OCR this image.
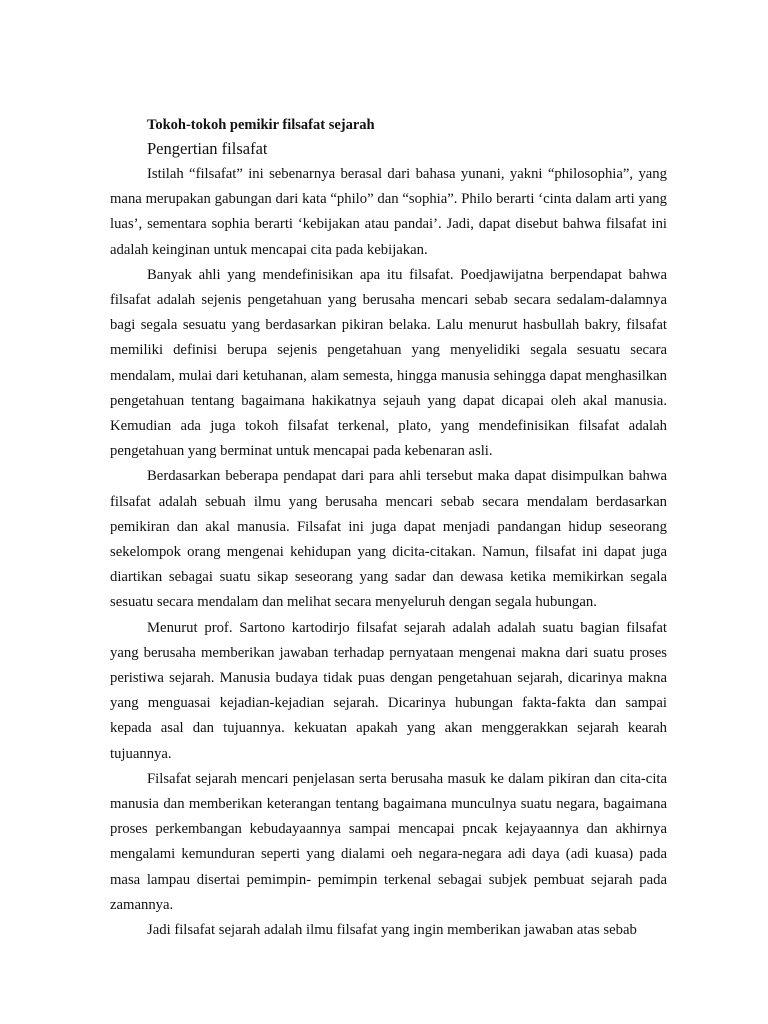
Tokoh-tokoh pemikir filsafat sejarah

Pengertian filsafat

Istilah “filsafat” ini sebenarnya berasal dari bahasa yunani, yakni “philosophia”, yang mana merupakan gabungan dari kata “philo” dan “sophia”. Philo berarti ‘cinta dalam arti yang luas’, sementara sophia berarti ‘kebijakan atau pandai’. Jadi, dapat disebut bahwa filsafat ini adalah keinginan untuk mencapai cita pada kebijakan.

Banyak ahli yang mendefinisikan apa itu filsafat. Poedjawijatna berpendapat bahwa filsafat adalah sejenis pengetahuan yang berusaha mencari sebab secara sedalam-dalamnya bagi segala sesuatu yang berdasarkan pikiran belaka. Lalu menurut hasbullah bakry, filsafat memiliki definisi berupa sejenis pengetahuan yang menyelidiki segala sesuatu secara mendalam, mulai dari ketuhanan, alam semesta, hingga manusia sehingga dapat menghasilkan pengetahuan tentang bagaimana hakikatnya sejauh yang dapat dicapai oleh akal manusia. Kemudian ada juga tokoh filsafat terkenal, plato, yang mendefinisikan filsafat adalah pengetahuan yang berminat untuk mencapai pada kebenaran asli.

Berdasarkan beberapa pendapat dari para ahli tersebut maka dapat disimpulkan bahwa filsafat adalah sebuah ilmu yang berusaha mencari sebab secara mendalam berdasarkan pemikiran dan akal manusia. Filsafat ini juga dapat menjadi pandangan hidup seseorang sekelompok orang mengenai kehidupan yang dicita-citakan. Namun, filsafat ini dapat juga diartikan sebagai suatu sikap seseorang yang sadar dan dewasa ketika memikirkan segala sesuatu secara mendalam dan melihat secara menyeluruh dengan segala hubungan.

Menurut prof. Sartono kartodirjo filsafat sejarah adalah adalah suatu bagian filsafat yang berusaha memberikan jawaban terhadap pernyataan mengenai makna dari suatu proses peristiwa sejarah. Manusia budaya tidak puas dengan pengetahuan sejarah, dicarinya makna yang menguasai kejadian-kejadian sejarah. Dicarinya hubungan fakta-fakta dan sampai kepada asal dan tujuannya. kekuatan apakah yang akan menggerakkan sejarah kearah tujuannya.

Filsafat sejarah mencari penjelasan serta berusaha masuk ke dalam pikiran dan cita-cita manusia dan memberikan keterangan tentang bagaimana munculnya suatu negara, bagaimana proses perkembangan kebudayaannya sampai mencapai pncak kejayaannya dan akhirnya mengalami kemunduran seperti yang dialami oeh negara-negara adi daya (adi kuasa) pada masa lampau disertai pemimpin- pemimpin terkenal sebagai subjek pembuat sejarah pada zamannya.

Jadi filsafat sejarah adalah ilmu filsafat yang ingin memberikan jawaban atas sebab
